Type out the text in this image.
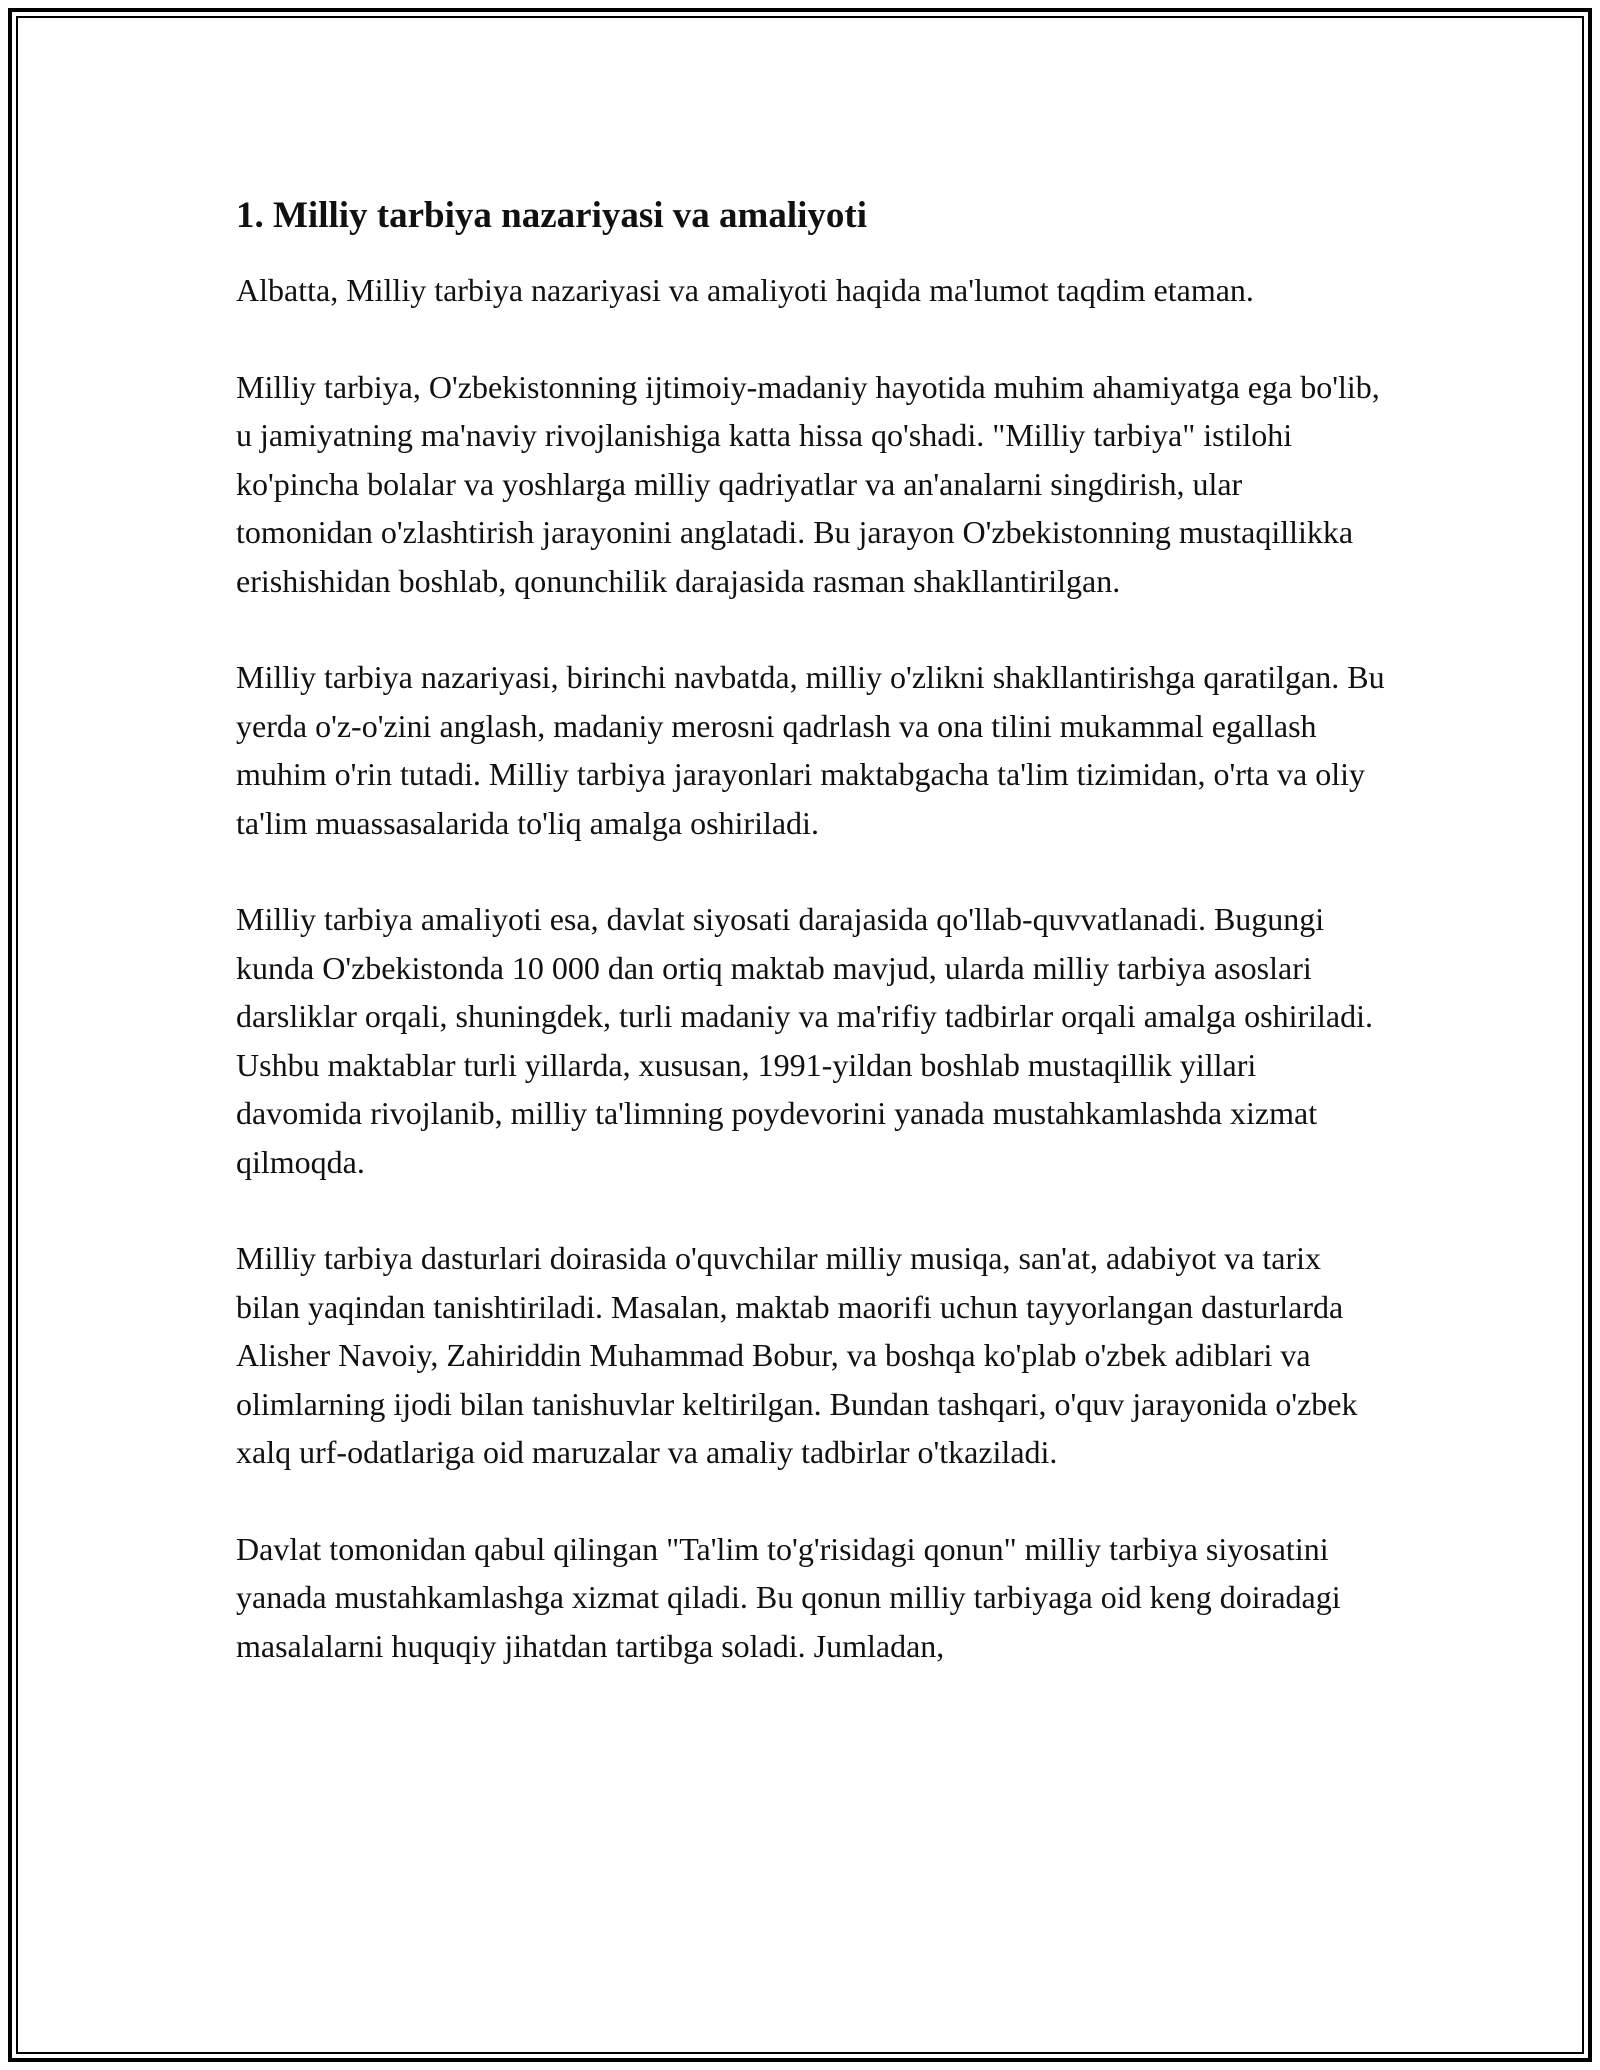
1. Milliy tarbiya nazariyasi va amaliyoti

Albatta, Milliy tarbiya nazariyasi va amaliyoti haqida ma'lumot taqdim etaman.

Milliy tarbiya, O'zbekistonning ijtimoiy-madaniy hayotida muhim ahamiyatga ega bo'lib, u jamiyatning ma'naviy rivojlanishiga katta hissa qo'shadi. "Milliy tarbiya" istilohi ko'pincha bolalar va yoshlarga milliy qadriyatlar va an'analarni singdirish, ular tomonidan o'zlashtirish jarayonini anglatadi. Bu jarayon O'zbekistonning mustaqillikka erishishidan boshlab, qonunchilik darajasida rasman shakllantirilgan.

Milliy tarbiya nazariyasi, birinchi navbatda, milliy o'zlikni shakllantirishga qaratilgan. Bu yerda o'z-o'zini anglash, madaniy merosni qadrlash va ona tilini mukammal egallash muhim o'rin tutadi. Milliy tarbiya jarayonlari maktabgacha ta'lim tizimidan, o'rta va oliy ta'lim muassasalarida to'liq amalga oshiriladi.

Milliy tarbiya amaliyoti esa, davlat siyosati darajasida qo'llab-quvvatlanadi. Bugungi kunda O'zbekistonda 10 000 dan ortiq maktab mavjud, ularda milliy tarbiya asoslari darsliklar orqali, shuningdek, turli madaniy va ma'rifiy tadbirlar orqali amalga oshiriladi. Ushbu maktablar turli yillarda, xususan, 1991-yildan boshlab mustaqillik yillari davomida rivojlanib, milliy ta'limning poydevorini yanada mustahkamlashda xizmat qilmoqda.

Milliy tarbiya dasturlari doirasida o'quvchilar milliy musiqa, san'at, adabiyot va tarix bilan yaqindan tanishtiriladi. Masalan, maktab maorifi uchun tayyorlangan dasturlarda Alisher Navoiy, Zahiriddin Muhammad Bobur, va boshqa ko'plab o'zbek adiblari va olimlarning ijodi bilan tanishuvlar keltirilgan. Bundan tashqari, o'quv jarayonida o'zbek xalq urf-odatlariga oid maruzalar va amaliy tadbirlar o'tkaziladi.

Davlat tomonidan qabul qilingan "Ta'lim to'g'risidagi qonun" milliy tarbiya siyosatini yanada mustahkamlashga xizmat qiladi. Bu qonun milliy tarbiyaga oid keng doiradagi masalalarni huquqiy jihatdan tartibga soladi. Jumladan,
